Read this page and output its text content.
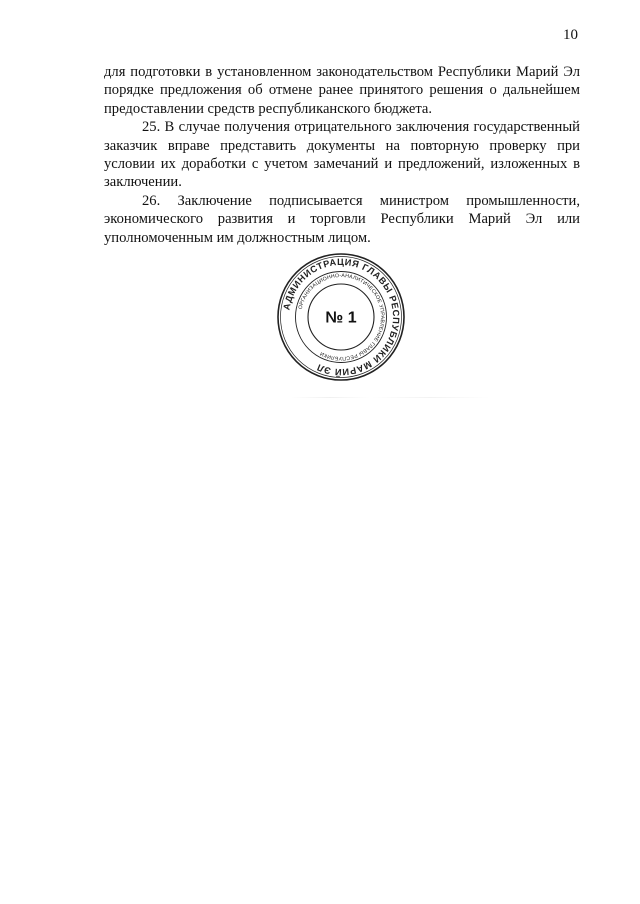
10

для подготовки в установленном законодательством Республики Марий Эл порядке предложения об отмене ранее принятого решения о дальнейшем предоставлении средств республиканского бюджета.

25. В случае получения отрицательного заключения государственный заказчик вправе представить документы на повторную проверку при условии их доработки с учетом замечаний и предложений, изложенных в заключении.

26. Заключение подписывается министром промышленности, экономического развития и торговли Республики Марий Эл или уполномоченным им должностным лицом.

АДМИНИСТРАЦИЯ ГЛАВЫ РЕСПУБЛИКИ МАРИЙ ЭЛ
ОРГАНИЗАЦИОННО-АНАЛИТИЧЕСКОЕ УПРАВЛЕНИЕ ГЛАВЫ РЕСПУБЛИКИ
№ 1
